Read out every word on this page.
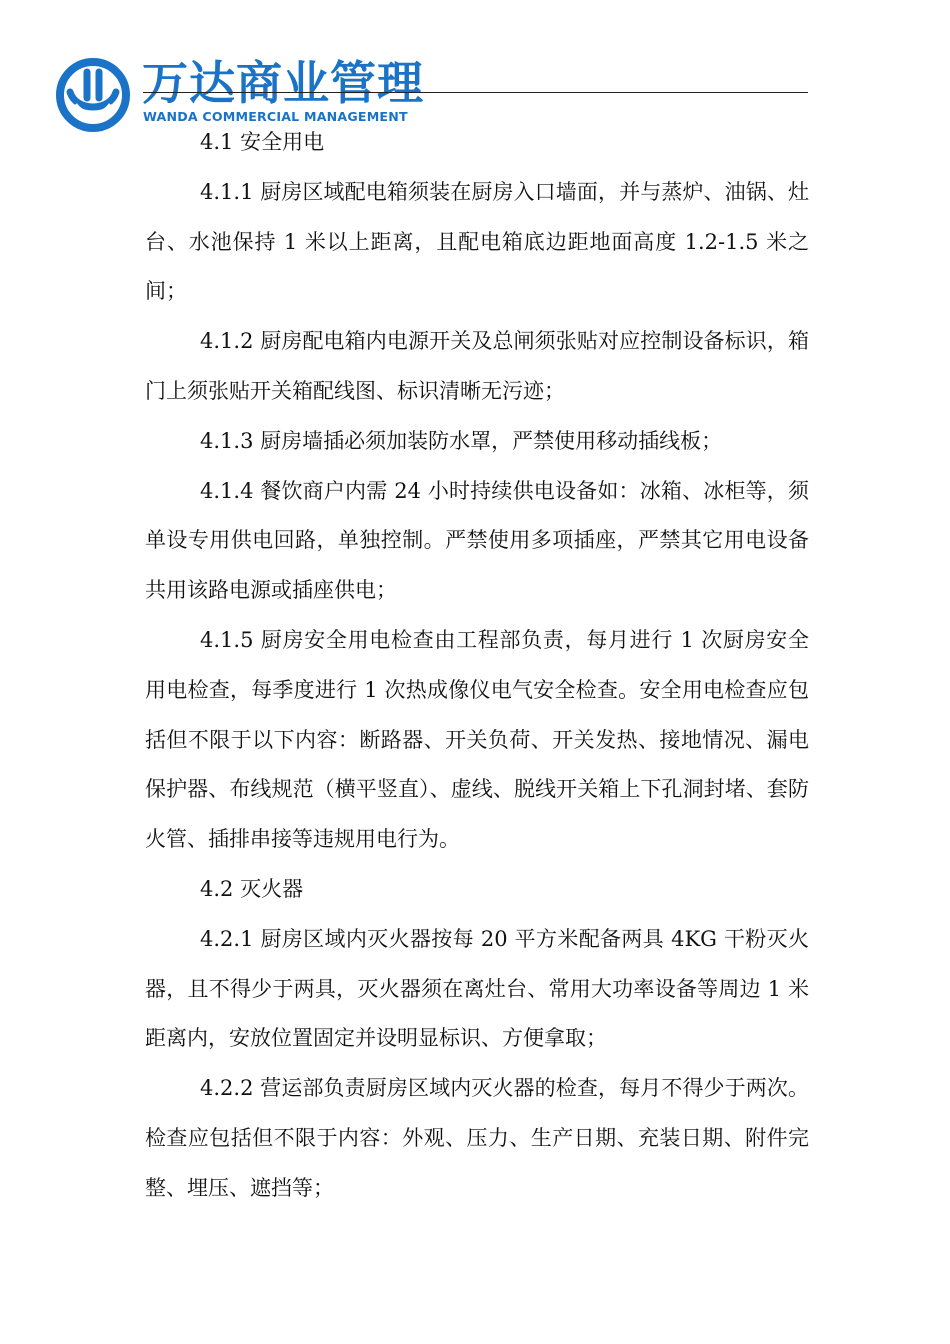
万达商业管理
WANDA COMMERCIAL MANAGEMENT

4.1 安全用电

4.1.1 厨房区域配电箱须装在厨房入口墙面，并与蒸炉、油锅、灶台、水池保持 1 米以上距离，且配电箱底边距地面高度 1.2-1.5 米之间；

4.1.2 厨房配电箱内电源开关及总闸须张贴对应控制设备标识，箱门上须张贴开关箱配线图、标识清晰无污迹；

4.1.3 厨房墙插必须加装防水罩，严禁使用移动插线板；

4.1.4 餐饮商户内需 24 小时持续供电设备如：冰箱、冰柜等，须单设专用供电回路，单独控制。严禁使用多项插座，严禁其它用电设备共用该路电源或插座供电；

4.1.5 厨房安全用电检查由工程部负责，每月进行 1 次厨房安全用电检查，每季度进行 1 次热成像仪电气安全检查。安全用电检查应包括但不限于以下内容：断路器、开关负荷、开关发热、接地情况、漏电保护器、布线规范（横平竖直）、虚线、脱线开关箱上下孔洞封堵、套防火管、插排串接等违规用电行为。

4.2 灭火器

4.2.1 厨房区域内灭火器按每 20 平方米配备两具 4KG 干粉灭火器，且不得少于两具，灭火器须在离灶台、常用大功率设备等周边 1 米距离内，安放位置固定并设明显标识、方便拿取；

4.2.2 营运部负责厨房区域内灭火器的检查，每月不得少于两次。检查应包括但不限于内容：外观、压力、生产日期、充装日期、附件完整、埋压、遮挡等；
